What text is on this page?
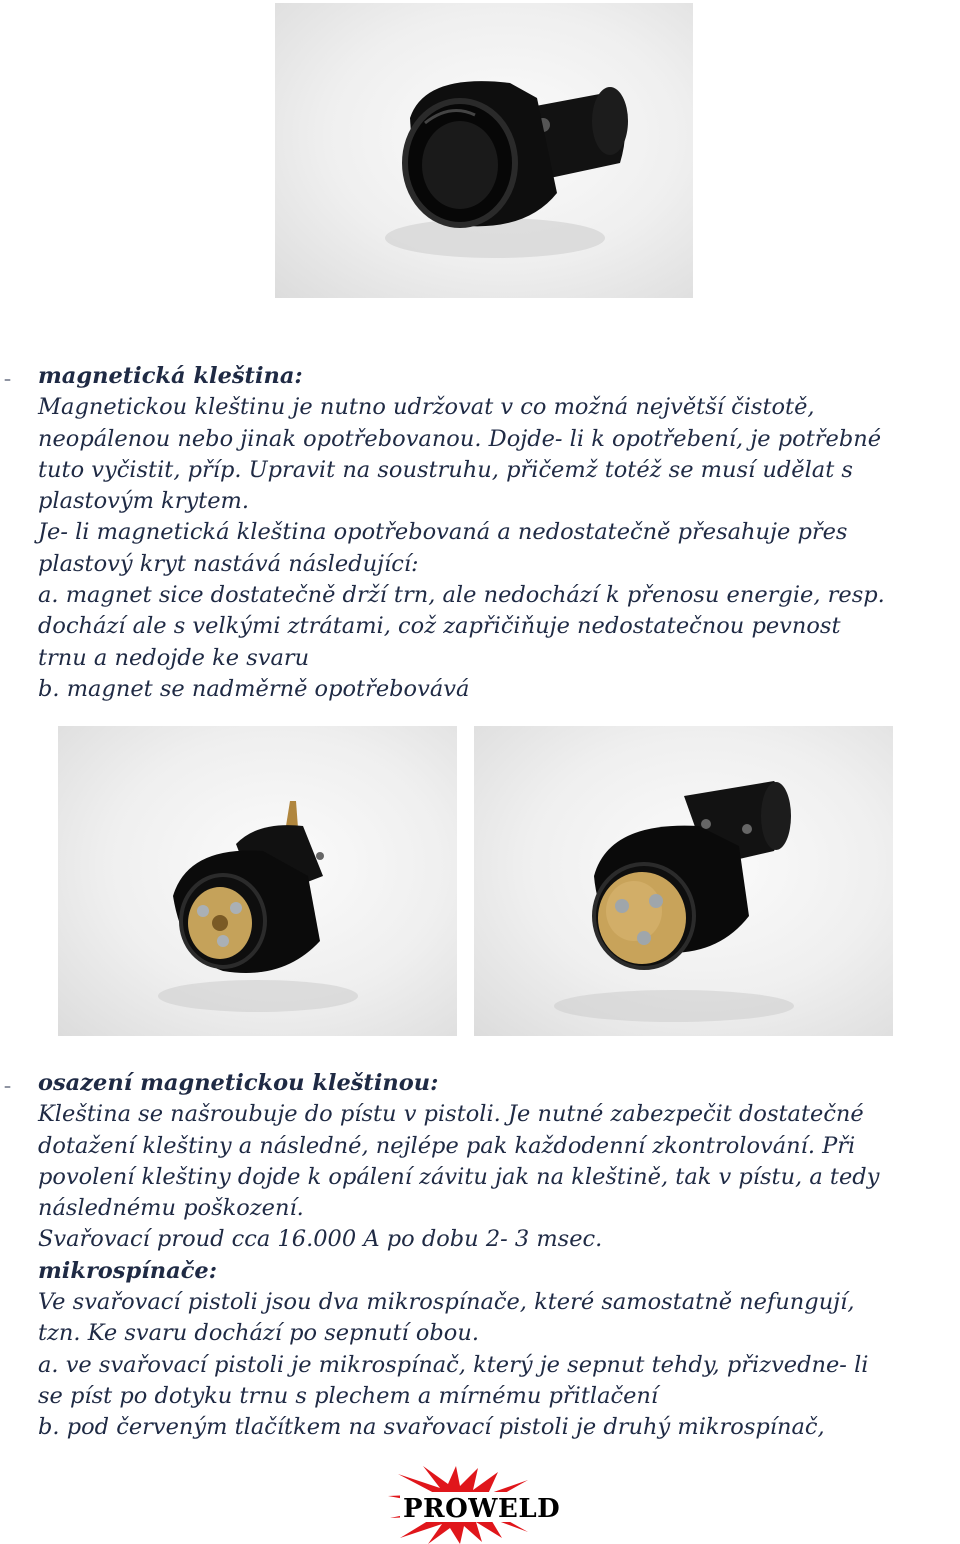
– magnetická kleština:
Magnetickou kleštinu je nutno udržovat v co možná největší čistotě,
neopálenou nebo jinak opotřebovanou. Dojde- li k opotřebení, je potřebné
tuto vyčistit, příp. Upravit na soustruhu, přičemž totéž se musí udělat s
plastovým krytem.
Je- li magnetická kleština opotřebovaná a nedostatečně přesahuje přes
plastový kryt nastává následující:
a. magnet sice dostatečně drží trn, ale nedochází k přenosu energie, resp.
dochází ale s velkými ztrátami, což zapřičiňuje nedostatečnou pevnost
trnu a nedojde ke svaru
b. magnet se nadměrně opotřebovává
– osazení magnetickou kleštinou:
Kleština se našroubuje do pístu v pistoli. Je nutné zabezpečit dostatečné
dotažení kleštiny a následné, nejlépe pak každodenní zkontrolování. Při
povolení kleštiny dojde k opálení závitu jak na kleštině, tak v pístu, a tedy
následnému poškození.
Svařovací proud cca 16.000 A po dobu 2- 3 msec.
mikrospínače:
Ve svařovací pistoli jsou dva mikrospínače, které samostatně nefungují,
tzn. Ke svaru dochází po sepnutí obou.
a. ve svařovací pistoli je mikrospínač, který je sepnut tehdy, přizvedne- li
se píst po dotyku trnu s plechem a mírnému přitlačení
b. pod červeným tlačítkem na svařovací pistoli je druhý mikrospínač,
PROWELD
